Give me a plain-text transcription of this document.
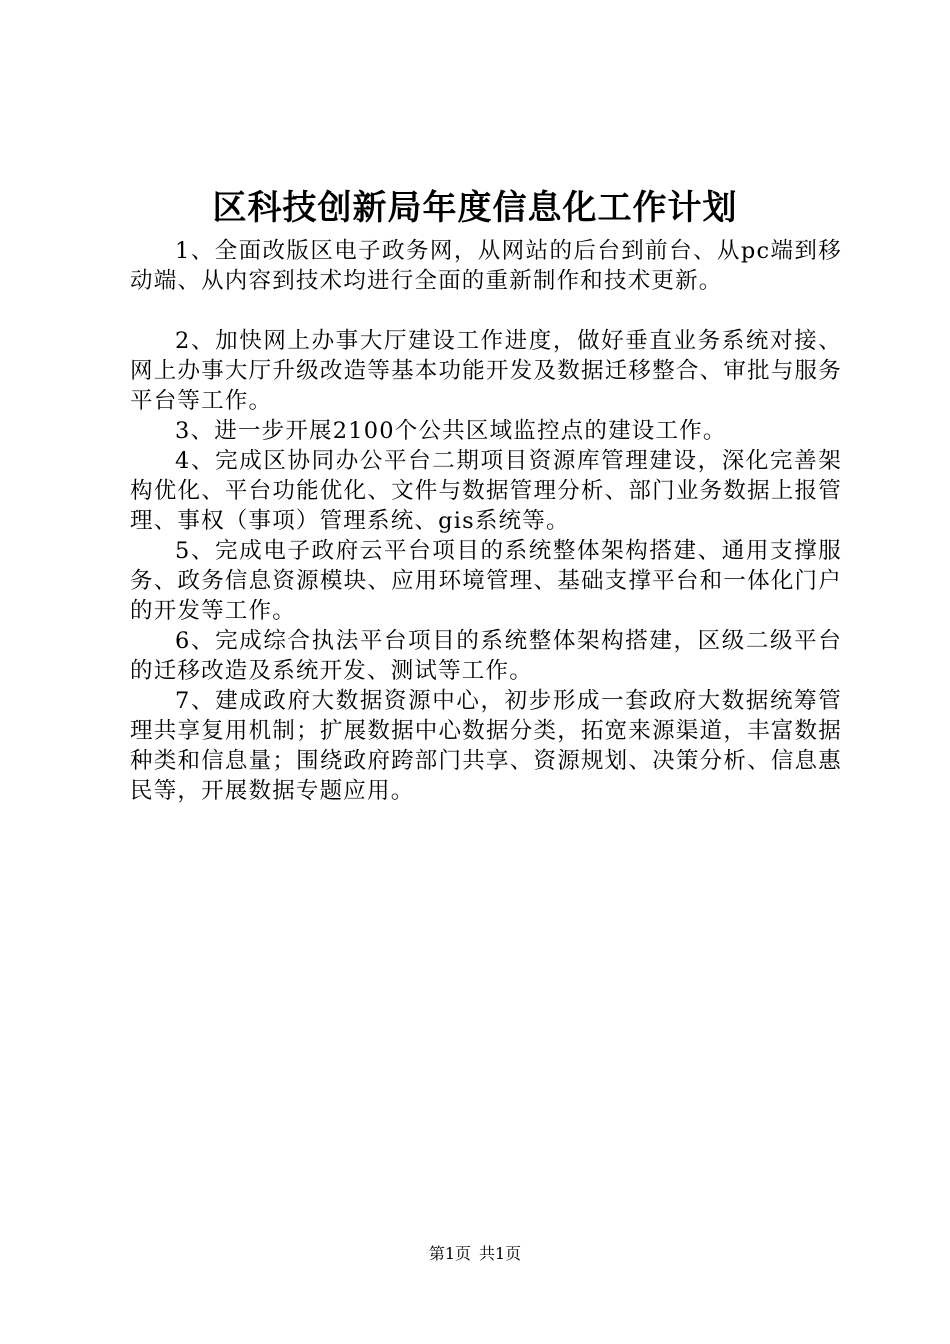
区科技创新局年度信息化工作计划

1、全面改版区电子政务网，从网站的后台到前台、从pc端到移动端、从内容到技术均进行全面的重新制作和技术更新。

2、加快网上办事大厅建设工作进度，做好垂直业务系统对接、网上办事大厅升级改造等基本功能开发及数据迁移整合、审批与服务平台等工作。

3、进一步开展2100个公共区域监控点的建设工作。

4、完成区协同办公平台二期项目资源库管理建设，深化完善架构优化、平台功能优化、文件与数据管理分析、部门业务数据上报管理、事权（事项）管理系统、gis系统等。

5、完成电子政府云平台项目的系统整体架构搭建、通用支撑服务、政务信息资源模块、应用环境管理、基础支撑平台和一体化门户的开发等工作。

6、完成综合执法平台项目的系统整体架构搭建，区级二级平台的迁移改造及系统开发、测试等工作。

7、建成政府大数据资源中心，初步形成一套政府大数据统筹管理共享复用机制；扩展数据中心数据分类，拓宽来源渠道，丰富数据种类和信息量；围绕政府跨部门共享、资源规划、决策分析、信息惠民等，开展数据专题应用。

第1页 共1页
